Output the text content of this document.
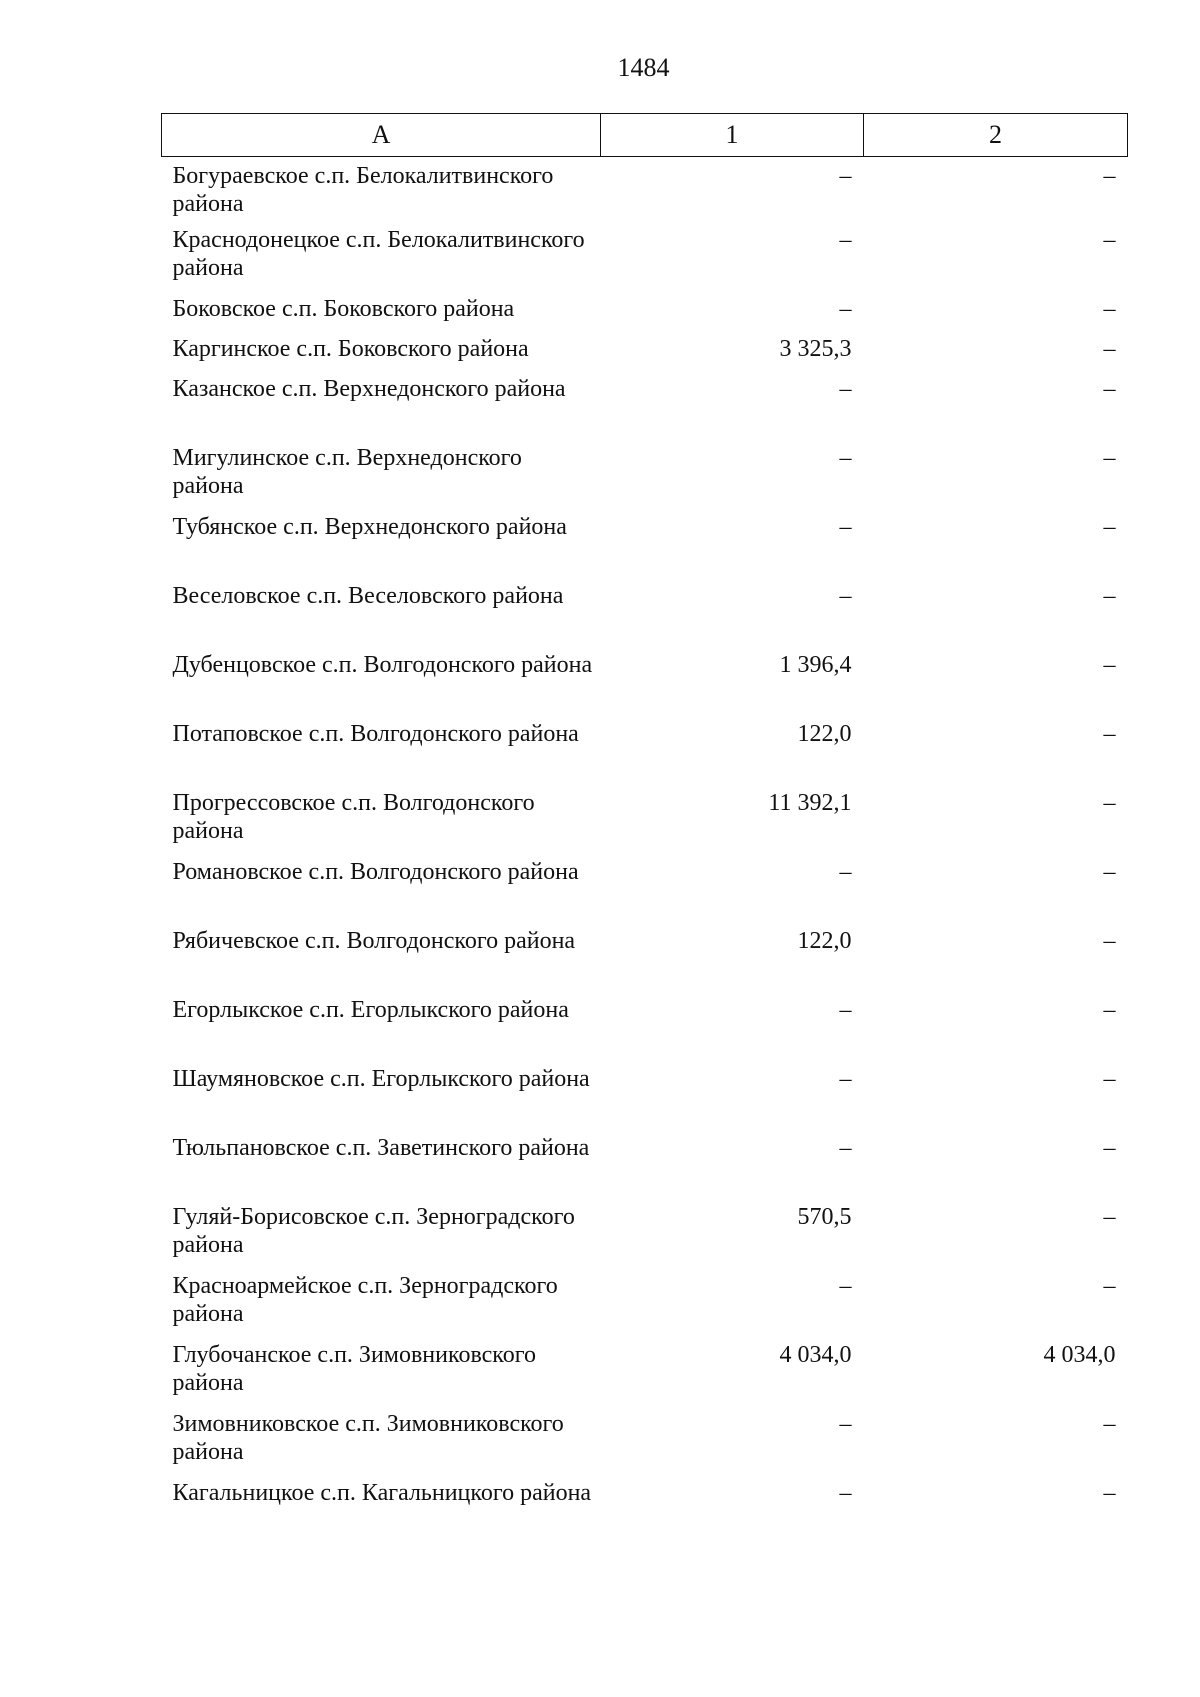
1484
А	1	2
Богураевское с.п. Белокалитвинского района	–	–
Краснодонецкое с.п. Белокалитвинского района	–	–
Боковское с.п. Боковского района	–	–
Каргинское с.п. Боковского района	3 325,3	–
Казанское с.п. Верхнедонского района	–	–
Мигулинское с.п. Верхнедонского района	–	–
Тубянское с.п. Верхнедонского района	–	–
Веселовское с.п. Веселовского района	–	–
Дубенцовское с.п. Волгодонского района	1 396,4	–
Потаповское с.п. Волгодонского района	122,0	–
Прогрессовское с.п. Волгодонского района	11 392,1	–
Романовское с.п. Волгодонского района	–	–
Рябичевское с.п. Волгодонского района	122,0	–
Егорлыкское с.п. Егорлыкского района	–	–
Шаумяновское с.п. Егорлыкского района	–	–
Тюльпановское с.п. Заветинского района	–	–
Гуляй-Борисовское с.п. Зерноградского района	570,5	–
Красноармейское с.п. Зерноградского района	–	–
Глубочанское с.п. Зимовниковского района	4 034,0	4 034,0
Зимовниковское с.п. Зимовниковского района	–	–
Кагальницкое с.п. Кагальницкого района	–	–
